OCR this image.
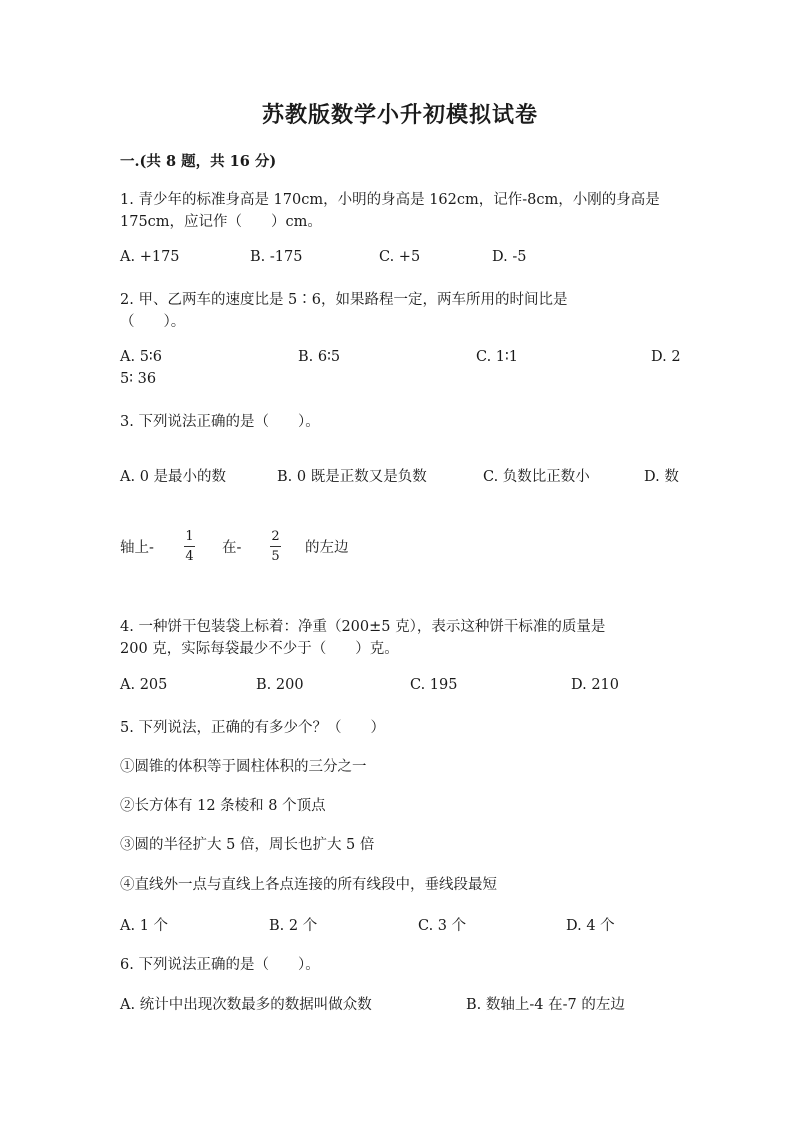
苏教版数学小升初模拟试卷
一.(共 8 题，共 16 分)
1. 青少年的标准身高是 170cm，小明的身高是 162cm，记作-8cm，小刚的身高是
175cm，应记作（　　）cm。
A. +175	B. -175	C. +5	D. -5
2. 甲、乙两车的速度比是 5∶6，如果路程一定，两车所用的时间比是
（　　）。
A. 5∶6	B. 6∶5	C. 1∶1	D. 2
5∶ 36
3. 下列说法正确的是（　　）。
A. 0 是最小的数	B. 0 既是正数又是负数	C. 负数比正数小	D. 数
轴上-
1
4
在-
2
5
的左边
4. 一种饼干包装袋上标着：净重（200±5 克），表示这种饼干标准的质量是
200 克，实际每袋最少不少于（　　）克。
A. 205	B. 200	C. 195	D. 210
5. 下列说法，正确的有多少个？（　　）
①圆锥的体积等于圆柱体积的三分之一
②长方体有 12 条棱和 8 个顶点
③圆的半径扩大 5 倍，周长也扩大 5 倍
④直线外一点与直线上各点连接的所有线段中，垂线段最短
A. 1 个	B. 2 个	C. 3 个	D. 4 个
6. 下列说法正确的是（　　）。
A. 统计中出现次数最多的数据叫做众数	B. 数轴上-4 在-7 的左边
